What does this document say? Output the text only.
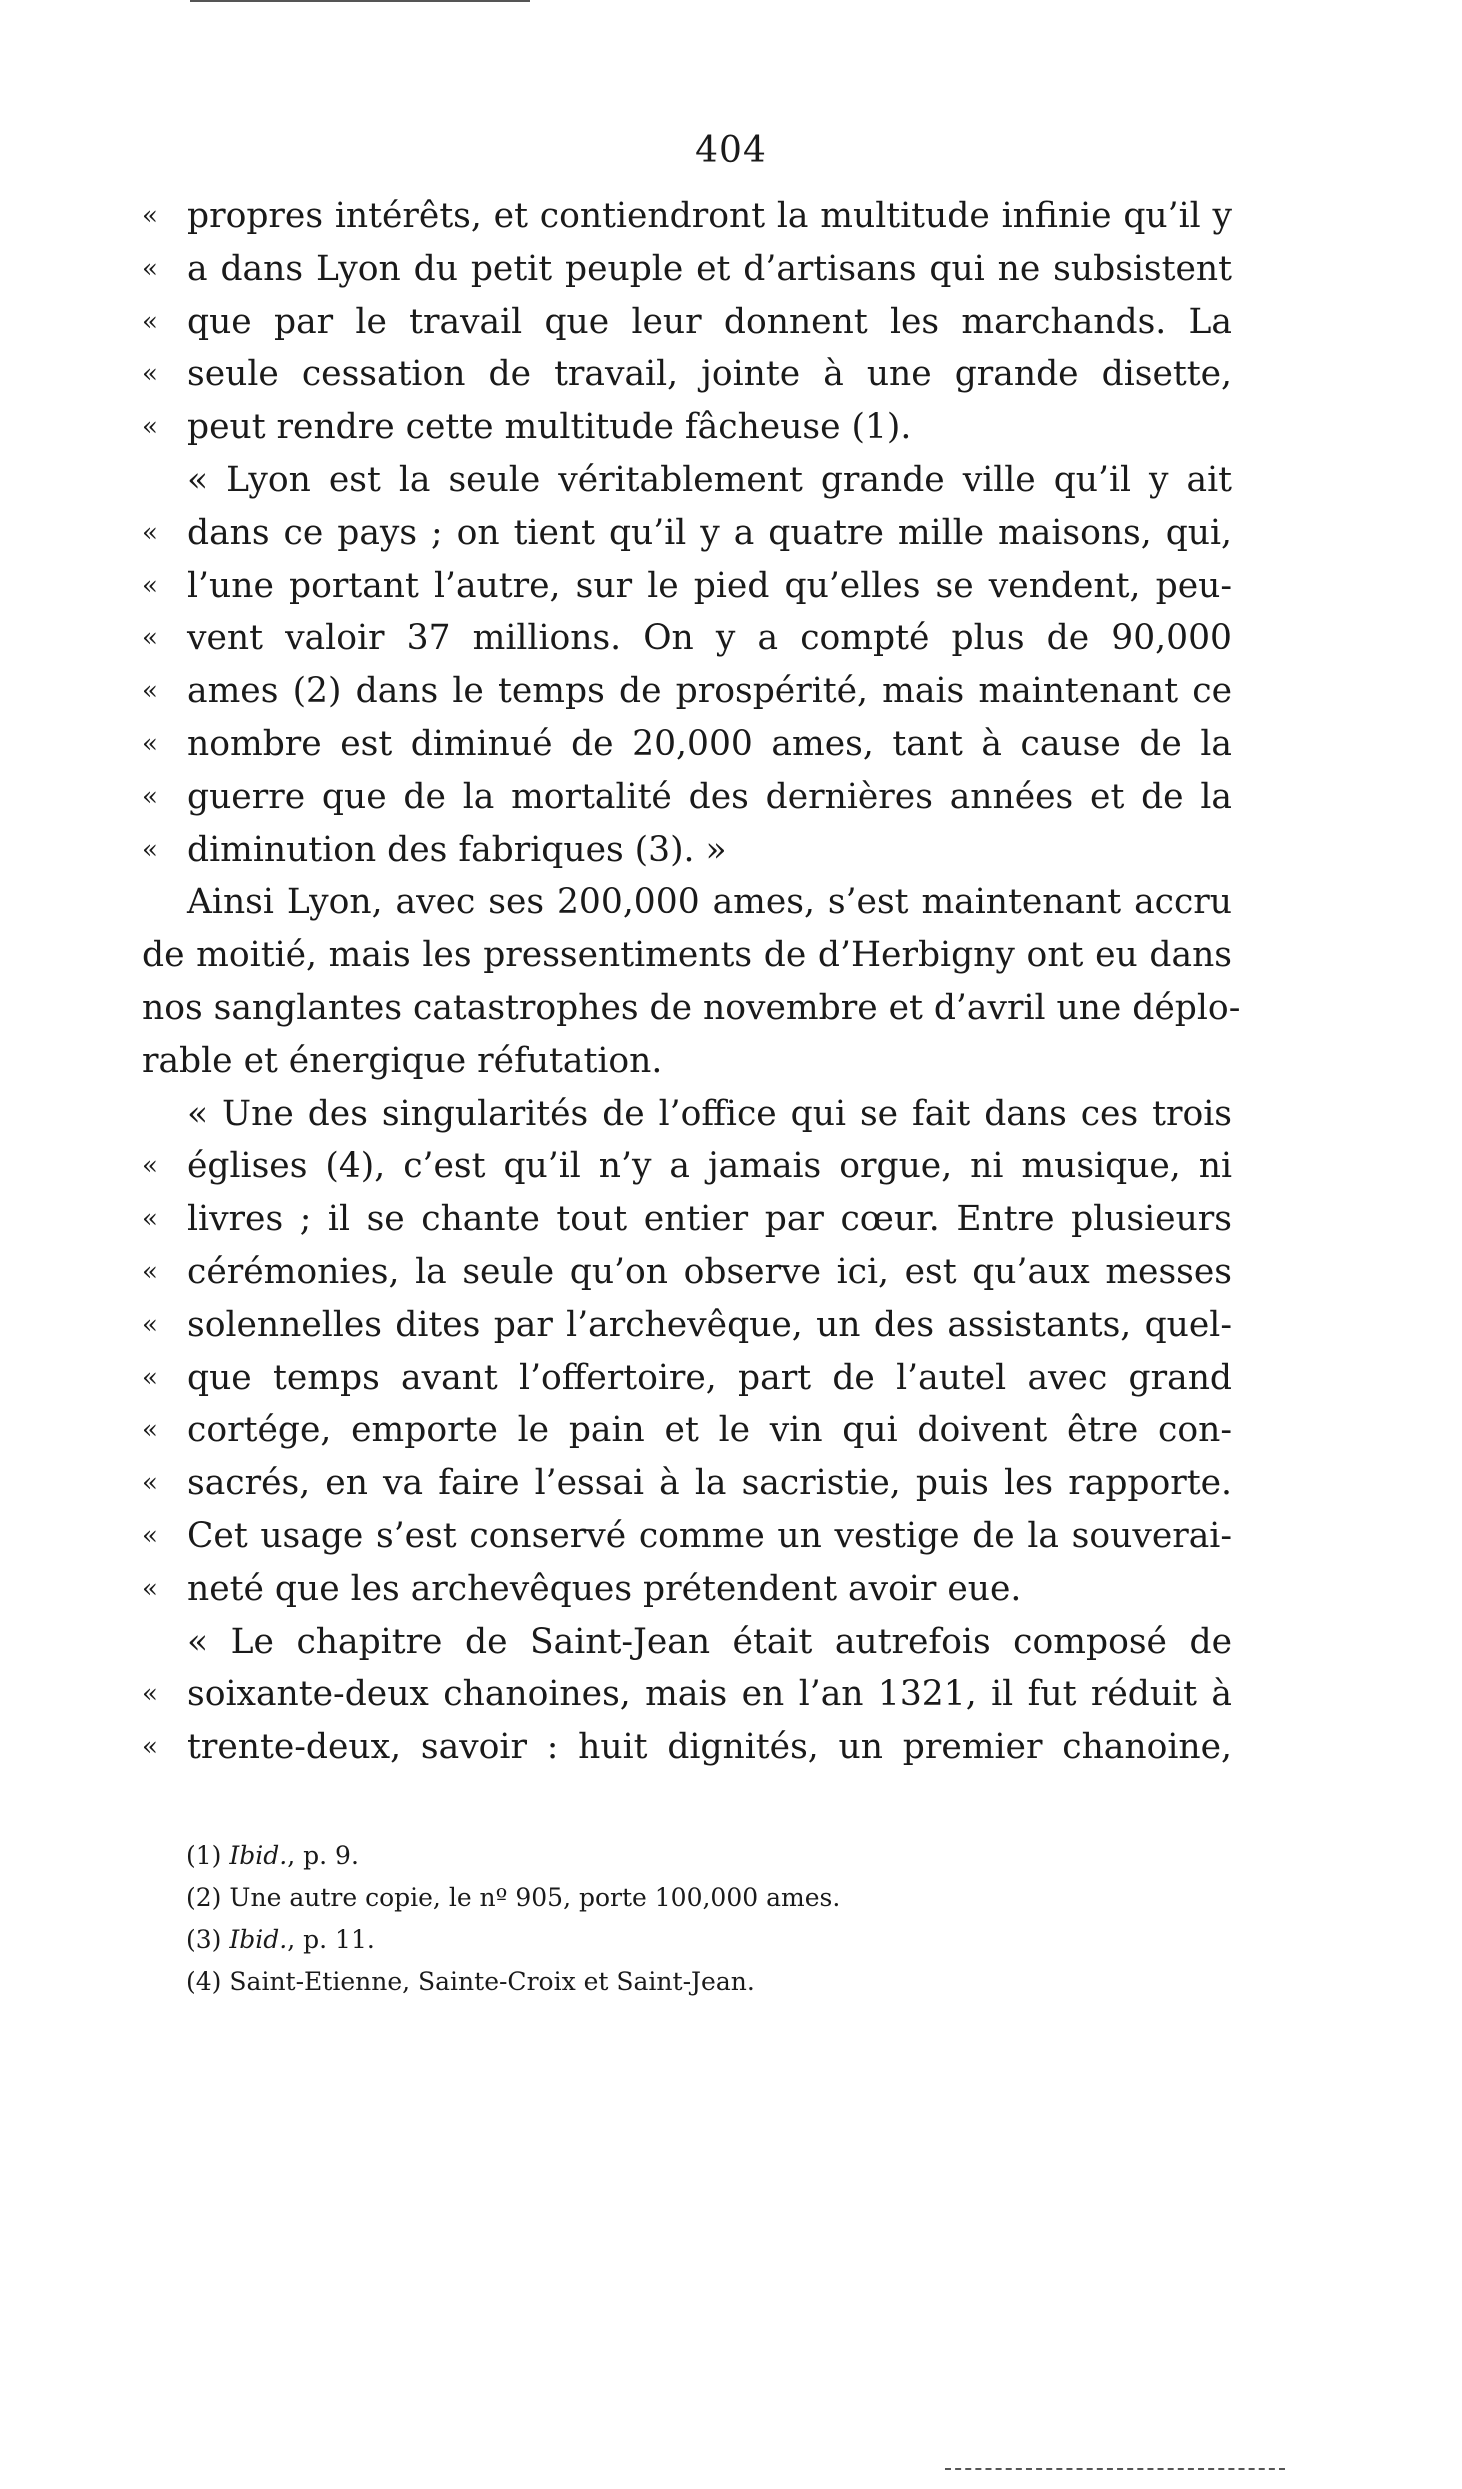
404
« propres intérêts, et contiendront la multitude infinie qu’il y
« a dans Lyon du petit peuple et d’artisans qui ne subsistent
« que par le travail que leur donnent les marchands. La
« seule cessation de travail, jointe à une grande disette,
« peut rendre cette multitude fâcheuse (1).
« Lyon est la seule véritablement grande ville qu’il y ait
« dans ce pays ; on tient qu’il y a quatre mille maisons, qui,
« l’une portant l’autre, sur le pied qu’elles se vendent, peu-
« vent valoir 37 millions. On y a compté plus de 90,000
« ames (2) dans le temps de prospérité, mais maintenant ce
« nombre est diminué de 20,000 ames, tant à cause de la
« guerre que de la mortalité des dernières années et de la
« diminution des fabriques (3). »
Ainsi Lyon, avec ses 200,000 ames, s’est maintenant accru
de moitié, mais les pressentiments de d’Herbigny ont eu dans
nos sanglantes catastrophes de novembre et d’avril une déplo-
rable et énergique réfutation.
« Une des singularités de l’office qui se fait dans ces trois
« églises (4), c’est qu’il n’y a jamais orgue, ni musique, ni
« livres ; il se chante tout entier par cœur. Entre plusieurs
« cérémonies, la seule qu’on observe ici, est qu’aux messes
« solennelles dites par l’archevêque, un des assistants, quel-
« que temps avant l’offertoire, part de l’autel avec grand
« cortége, emporte le pain et le vin qui doivent être con-
« sacrés, en va faire l’essai à la sacristie, puis les rapporte.
« Cet usage s’est conservé comme un vestige de la souverai-
« neté que les archevêques prétendent avoir eue.
« Le chapitre de Saint-Jean était autrefois composé de
« soixante-deux chanoines, mais en l’an 1321, il fut réduit à
« trente-deux, savoir : huit dignités, un premier chanoine,
(1) Ibid., p. 9.
(2) Une autre copie, le nº 905, porte 100,000 ames.
(3) Ibid., p. 11.
(4) Saint-Etienne, Sainte-Croix et Saint-Jean.
